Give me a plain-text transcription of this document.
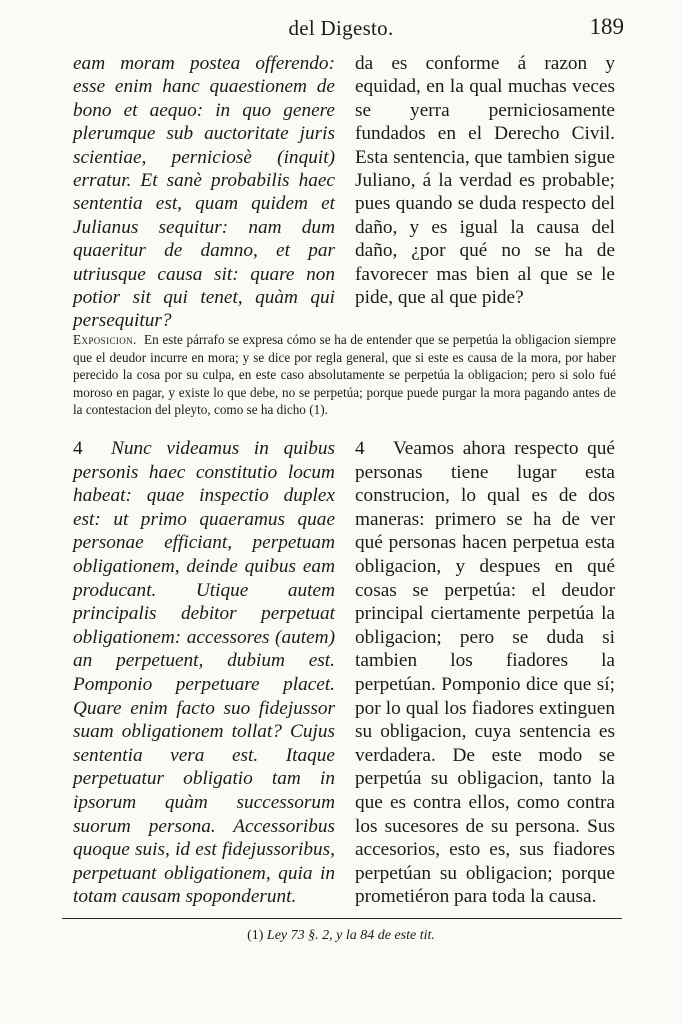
del Digesto.	189

eam moram postea offerendo: esse enim hanc quaestionem de bono et aequo: in quo genere plerumque sub auctoritate juris scientiae, perniciosè (inquit) erratur. Et sanè probabilis haec sententia est, quam quidem et Julianus sequitur: nam dum quaeritur de damno, et par utriusque causa sit: quare non potior sit qui tenet, quàm qui persequitur?

da es conforme á razon y equidad, en la qual muchas veces se yerra perniciosamente fundados en el Derecho Civil. Esta sentencia, que tambien sigue Juliano, á la verdad es probable; pues quando se duda respecto del daño, y es igual la causa del daño, ¿por qué no se ha de favorecer mas bien al que se le pide, que al que pide?

Exposicion. En este párrafo se expresa cómo se ha de entender que se perpetúa la obligacion siempre que el deudor incurre en mora; y se dice por regla general, que si este es causa de la mora, por haber perecido la cosa por su culpa, en este caso absolutamente se perpetúa la obligacion; pero si solo fué moroso en pagar, y existe lo que debe, no se perpetúa; porque puede purgar la mora pagando antes de la contestacion del pleyto, como se ha dicho (1).

4 Nunc videamus in quibus personis haec constitutio locum habeat: quae inspectio duplex est: ut primo quaeramus quae personae efficiant, perpetuam obligationem, deinde quibus eam producant. Utique autem principalis debitor perpetuat obligationem: accessores (autem) an perpetuent, dubium est. Pomponio perpetuare placet. Quare enim facto suo fidejussor suam obligationem tollat? Cujus sententia vera est. Itaque perpetuatur obligatio tam in ipsorum quàm successorum suorum persona. Accessoribus quoque suis, id est fidejussoribus, perpetuant obligationem, quia in totam causam spoponderunt.

4 Veamos ahora respecto qué personas tiene lugar esta construcion, lo qual es de dos maneras: primero se ha de ver qué personas hacen perpetua esta obligacion, y despues en qué cosas se perpetúa: el deudor principal ciertamente perpetúa la obligacion; pero se duda si tambien los fiadores la perpetúan. Pomponio dice que sí; por lo qual los fiadores extinguen su obligacion, cuya sentencia es verdadera. De este modo se perpetúa su obligacion, tanto la que es contra ellos, como contra los sucesores de su persona. Sus accesorios, esto es, sus fiadores perpetúan su obligacion; porque prometiéron para toda la causa.

(1) Ley 73 §. 2, y la 84 de este tit.
